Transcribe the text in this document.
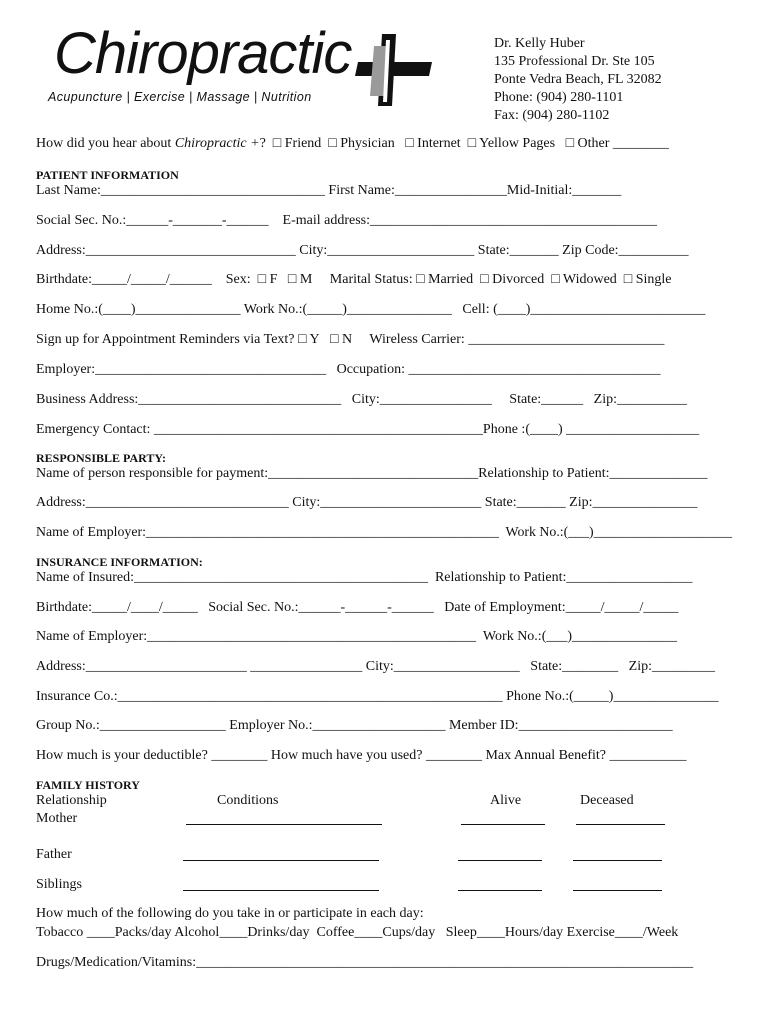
Chiropractic
Acupuncture | Exercise | Massage | Nutrition
Dr. Kelly Huber
135 Professional Dr. Ste 105
Ponte Vedra Beach, FL 32082
Phone: (904) 280-1101
Fax: (904) 280-1102
How did you hear about Chiropractic +?  □ Friend  □ Physician   □ Internet  □ Yellow Pages   □ Other ________
PATIENT INFORMATION
Last Name:________________________________ First Name:________________Mid-Initial:_______
Social Sec. No.:______-_______-______    E-mail address:_________________________________________
Address:______________________________ City:_____________________ State:_______ Zip Code:__________
Birthdate:_____/_____/______    Sex:  □ F   □ M     Marital Status: □ Married  □ Divorced  □ Widowed  □ Single
Home No.:(____)_______________ Work No.:(_____)_______________   Cell: (____)_________________________
Sign up for Appointment Reminders via Text? □ Y   □ N     Wireless Carrier: ____________________________
Employer:_________________________________   Occupation: ____________________________________
Business Address:_____________________________   City:________________     State:______   Zip:__________
Emergency Contact: _______________________________________________Phone :(____) ___________________
RESPONSIBLE PARTY:
Name of person responsible for payment:______________________________Relationship to Patient:______________
Address:_____________________________ City:_______________________ State:_______ Zip:_______________
Name of Employer:___________________________________________________  Work No.:(___)____________________
INSURANCE INFORMATION:
Name of Insured:__________________________________________  Relationship to Patient:__________________
Birthdate:_____/____/_____   Social Sec. No.:______-______-______   Date of Employment:_____/_____/_____
Name of Employer:_______________________________________________  Work No.:(___)_______________
Address:_______________________ ________________ City:__________________   State:________   Zip:_________
Insurance Co.:_______________________________________________________ Phone No.:(_____)_______________
Group No.:__________________ Employer No.:___________________ Member ID:______________________
How much is your deductible? ________ How much have you used? ________ Max Annual Benefit? ___________
FAMILY HISTORY
Relationship	Conditions	Alive	Deceased
Mother
Father
Siblings
How much of the following do you take in or participate in each day:
Tobacco ____Packs/day Alcohol____Drinks/day  Coffee____Cups/day   Sleep____Hours/day Exercise____/Week
Drugs/Medication/Vitamins:_______________________________________________________________________
